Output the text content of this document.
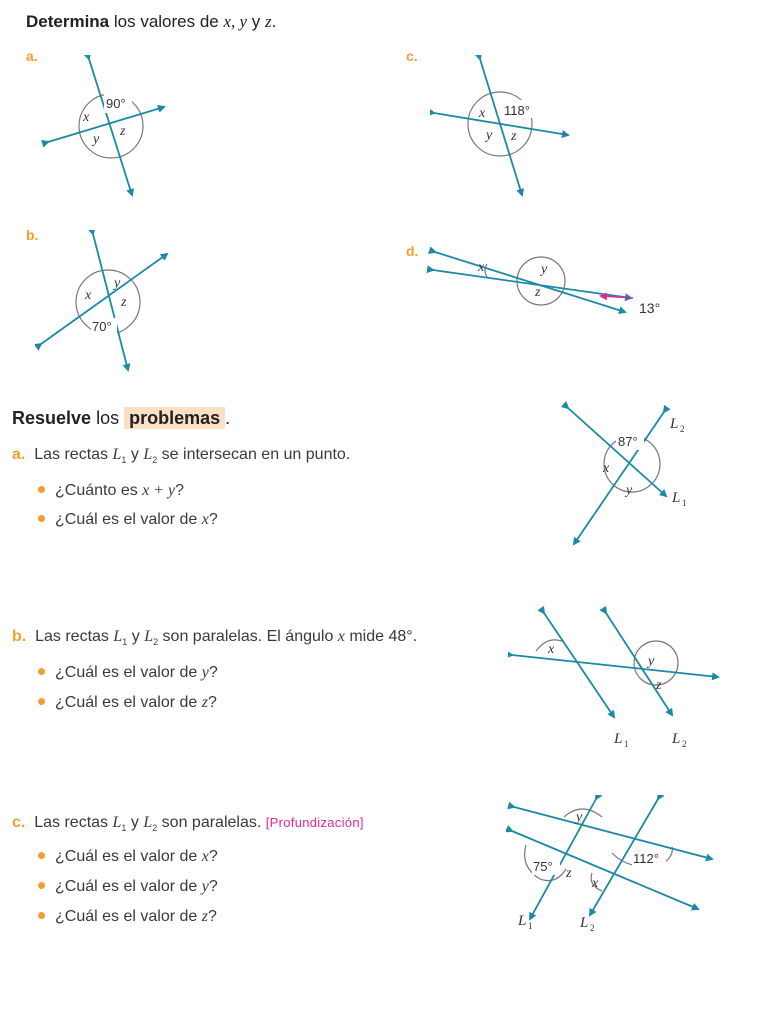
Determina los valores de x, y y z.
a.
b.
c.
d.
90°
x
y
z
x
y
z
70°
118°
x
y z
x	y
z
13°
Resuelve los problemas .
a. Las rectas $L_1$ y $L_2$ se intersecan en un punto.
¿Cuánto es x + y?
¿Cuál es el valor de x?
87°
x
y
L 2
L 1
b. Las rectas $L_1$ y $L_2$ son paralelas. El ángulo x mide 48°.
¿Cuál es el valor de y?
¿Cuál es el valor de z?
x
y
z
L 1	L 2
c. Las rectas $L_1$ y $L_2$ son paralelas. [Profundización]
¿Cuál es el valor de x?
¿Cuál es el valor de y?
¿Cuál es el valor de z?
y
75° z
x
112°
L 1	L 2
